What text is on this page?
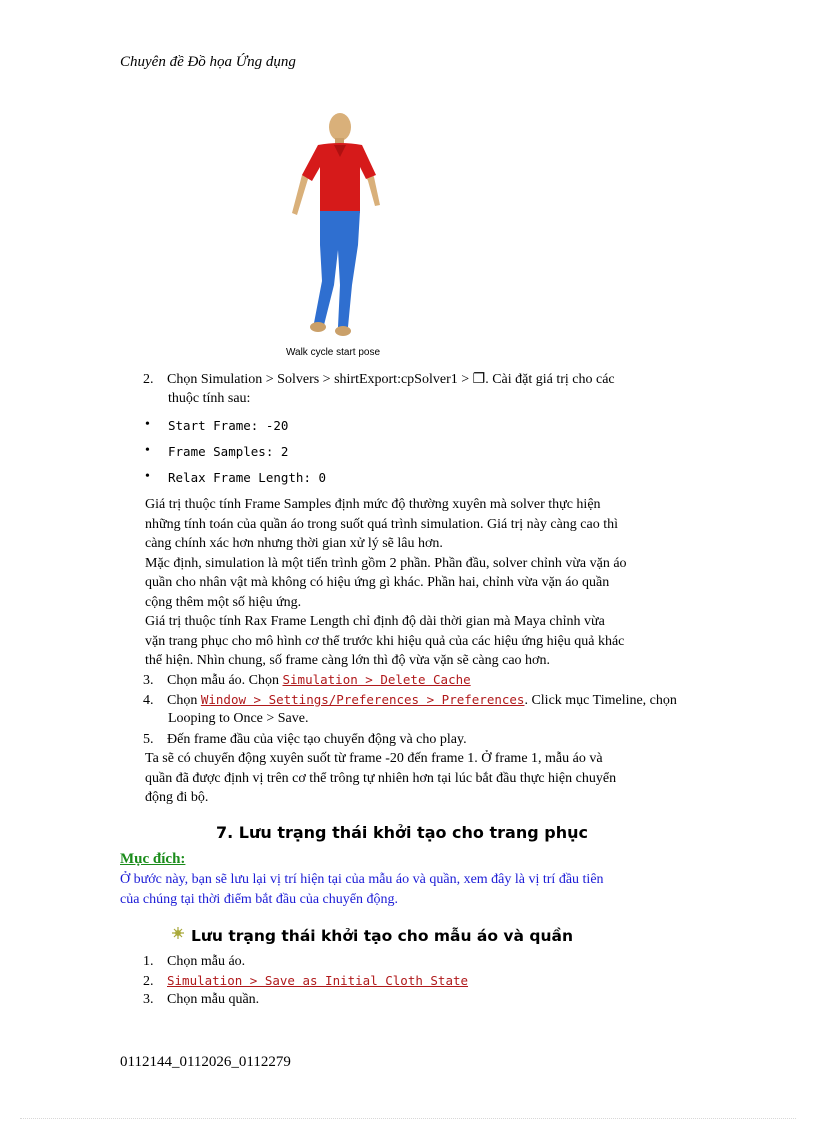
Chuyên đề Đồ họa Ứng dụng
Walk cycle start pose
2. Chọn Simulation > Solvers > shirtExport:cpSolver1 > ❐. Cài đặt giá trị cho các
thuộc tính sau:
• Start Frame: -20
• Frame Samples: 2
• Relax Frame Length: 0
Giá trị thuộc tính Frame Samples định mức độ thường xuyên mà solver thực hiện
những tính toán của quần áo trong suốt quá trình simulation. Giá trị này càng cao thì
càng chính xác hơn nhưng thời gian xử lý sẽ lâu hơn.
Mặc định, simulation là một tiến trình gồm 2 phần. Phần đầu, solver chỉnh vừa vặn áo
quần cho nhân vật mà không có hiệu ứng gì khác. Phần hai, chỉnh vừa vặn áo quần
cộng thêm một số hiệu ứng.
Giá trị thuộc tính Rax Frame Length chỉ định độ dài thời gian mà Maya chỉnh vừa
vặn trang phục cho mô hình cơ thể trước khi hiệu quả của các hiệu ứng hiệu quả khác
thể hiện. Nhìn chung, số frame càng lớn thì độ vừa vặn sẽ càng cao hơn.
3. Chọn mẫu áo. Chọn Simulation > Delete Cache
4. Chọn Window > Settings/Preferences > Preferences. Click mục Timeline, chọn
Looping to Once > Save.
5. Đến frame đầu của việc tạo chuyển động và cho play.
Ta sẽ có chuyển động xuyên suốt từ frame -20 đến frame 1. Ở frame 1, mẫu áo và
quần đã được định vị trên cơ thể trông tự nhiên hơn tại lúc bắt đầu thực hiện chuyển
động đi bộ.
7. Lưu trạng thái khởi tạo cho trang phục
Mục đích:
Ở bước này, bạn sẽ lưu lại vị trí hiện tại của mẫu áo và quần, xem đây là vị trí đầu tiên
của chúng tại thời điểm bắt đầu của chuyển động.
Lưu trạng thái khởi tạo cho mẫu áo và quần
1. Chọn mẫu áo.
2. Simulation > Save as Initial Cloth State
3. Chọn mẫu quần.
0112144_0112026_0112279
